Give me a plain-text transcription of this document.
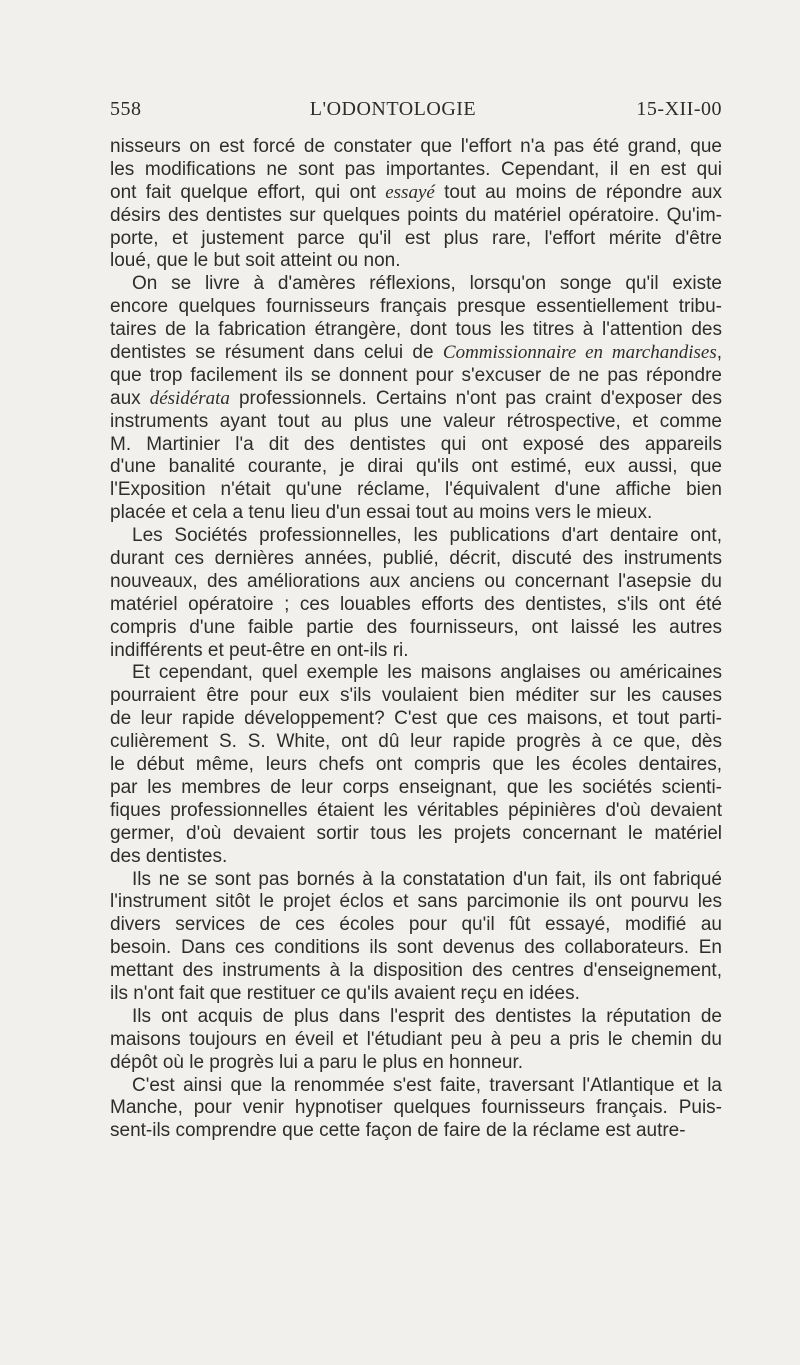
558	L'ODONTOLOGIE	15-XII-00
nisseurs on est forcé de constater que l'effort n'a pas été grand, que
les modifications ne sont pas importantes. Cependant, il en est qui
ont fait quelque effort, qui ont essayé tout au moins de répondre aux
désirs des dentistes sur quelques points du matériel opératoire. Qu'im-
porte, et justement parce qu'il est plus rare, l'effort mérite d'être
loué, que le but soit atteint ou non.
On se livre à d'amères réflexions, lorsqu'on songe qu'il existe
encore quelques fournisseurs français presque essentiellement tribu-
taires de la fabrication étrangère, dont tous les titres à l'attention des
dentistes se résument dans celui de Commissionnaire en marchandises,
que trop facilement ils se donnent pour s'excuser de ne pas répondre
aux désidérata professionnels. Certains n'ont pas craint d'exposer des
instruments ayant tout au plus une valeur rétrospective, et comme
M. Martinier l'a dit des dentistes qui ont exposé des appareils
d'une banalité courante, je dirai qu'ils ont estimé, eux aussi, que
l'Exposition n'était qu'une réclame, l'équivalent d'une affiche bien
placée et cela a tenu lieu d'un essai tout au moins vers le mieux.
Les Sociétés professionnelles, les publications d'art dentaire ont,
durant ces dernières années, publié, décrit, discuté des instruments
nouveaux, des améliorations aux anciens ou concernant l'asepsie du
matériel opératoire ; ces louables efforts des dentistes, s'ils ont été
compris d'une faible partie des fournisseurs, ont laissé les autres
indifférents et peut-être en ont-ils ri.
Et cependant, quel exemple les maisons anglaises ou américaines
pourraient être pour eux s'ils voulaient bien méditer sur les causes
de leur rapide développement? C'est que ces maisons, et tout parti-
culièrement S. S. White, ont dû leur rapide progrès à ce que, dès
le début même, leurs chefs ont compris que les écoles dentaires,
par les membres de leur corps enseignant, que les sociétés scienti-
fiques professionnelles étaient les véritables pépinières d'où devaient
germer, d'où devaient sortir tous les projets concernant le matériel
des dentistes.
Ils ne se sont pas bornés à la constatation d'un fait, ils ont fabriqué
l'instrument sitôt le projet éclos et sans parcimonie ils ont pourvu les
divers services de ces écoles pour qu'il fût essayé, modifié au
besoin. Dans ces conditions ils sont devenus des collaborateurs. En
mettant des instruments à la disposition des centres d'enseignement,
ils n'ont fait que restituer ce qu'ils avaient reçu en idées.
Ils ont acquis de plus dans l'esprit des dentistes la réputation de
maisons toujours en éveil et l'étudiant peu à peu a pris le chemin du
dépôt où le progrès lui a paru le plus en honneur.
C'est ainsi que la renommée s'est faite, traversant l'Atlantique et la
Manche, pour venir hypnotiser quelques fournisseurs français. Puis-
sent-ils comprendre que cette façon de faire de la réclame est autre-
